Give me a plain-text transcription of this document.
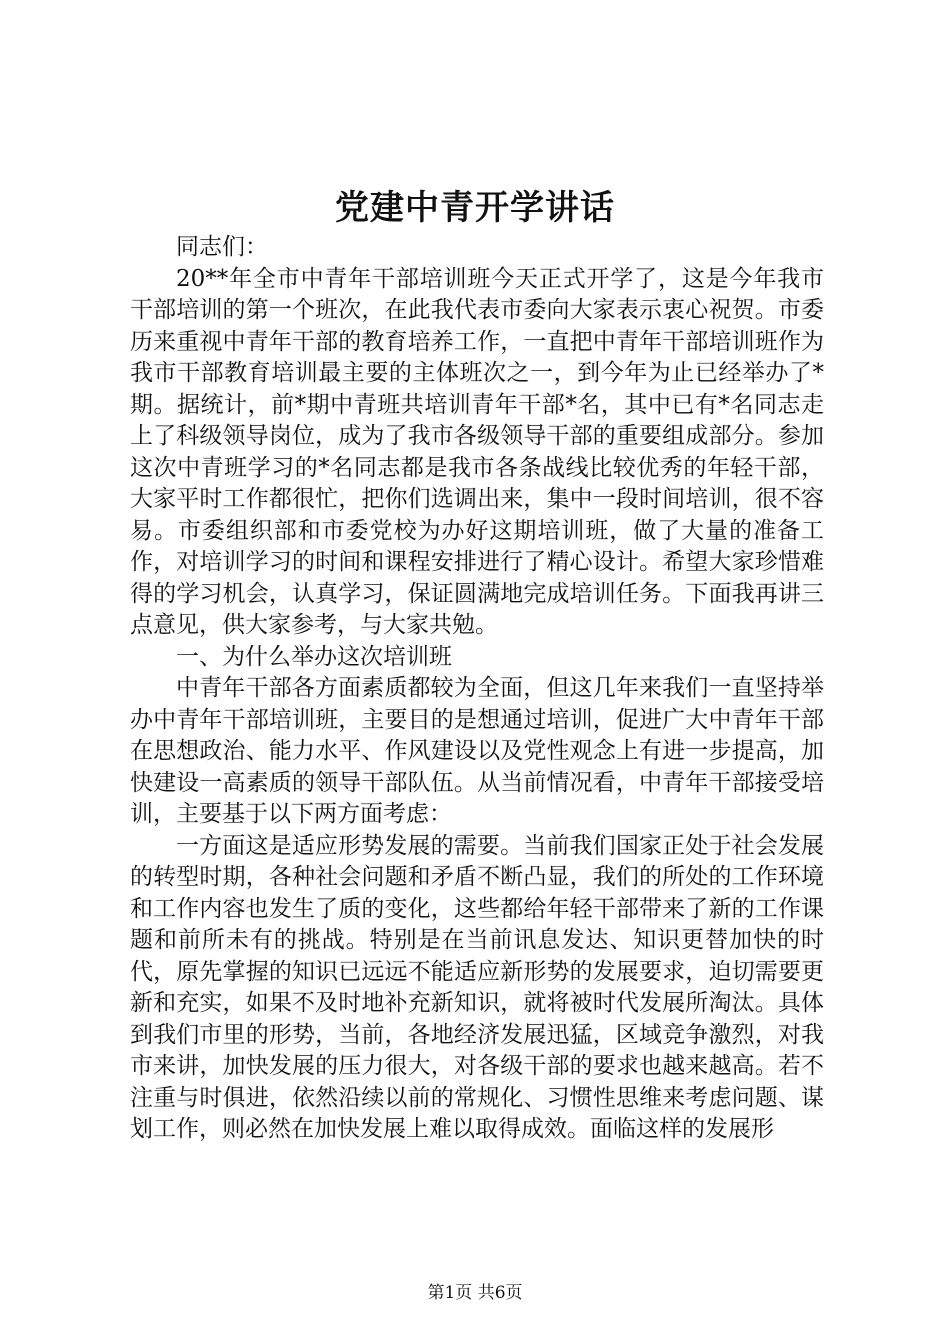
党建中青开学讲话

同志们：

20**年全市中青年干部培训班今天正式开学了，这是今年我市干部培训的第一个班次，在此我代表市委向大家表示衷心祝贺。市委历来重视中青年干部的教育培养工作，一直把中青年干部培训班作为我市干部教育培训最主要的主体班次之一，到今年为止已经举办了*期。据统计，前*期中青班共培训青年干部*名，其中已有*名同志走上了科级领导岗位，成为了我市各级领导干部的重要组成部分。参加这次中青班学习的*名同志都是我市各条战线比较优秀的年轻干部，大家平时工作都很忙，把你们选调出来，集中一段时间培训，很不容易。市委组织部和市委党校为办好这期培训班，做了大量的准备工作，对培训学习的时间和课程安排进行了精心设计。希望大家珍惜难得的学习机会，认真学习，保证圆满地完成培训任务。下面我再讲三点意见，供大家参考，与大家共勉。

一、为什么举办这次培训班

中青年干部各方面素质都较为全面，但这几年来我们一直坚持举办中青年干部培训班，主要目的是想通过培训，促进广大中青年干部在思想政治、能力水平、作风建设以及党性观念上有进一步提高，加快建设一高素质的领导干部队伍。从当前情况看，中青年干部接受培训，主要基于以下两方面考虑：

一方面这是适应形势发展的需要。当前我们国家正处于社会发展的转型时期，各种社会问题和矛盾不断凸显，我们的所处的工作环境和工作内容也发生了质的变化，这些都给年轻干部带来了新的工作课题和前所未有的挑战。特别是在当前讯息发达、知识更替加快的时代，原先掌握的知识已远远不能适应新形势的发展要求，迫切需要更新和充实，如果不及时地补充新知识，就将被时代发展所淘汰。具体到我们市里的形势，当前，各地经济发展迅猛，区域竞争激烈，对我市来讲，加快发展的压力很大，对各级干部的要求也越来越高。若不注重与时俱进，依然沿续以前的常规化、习惯性思维来考虑问题、谋划工作，则必然在加快发展上难以取得成效。面临这样的发展形

第1页 共6页
